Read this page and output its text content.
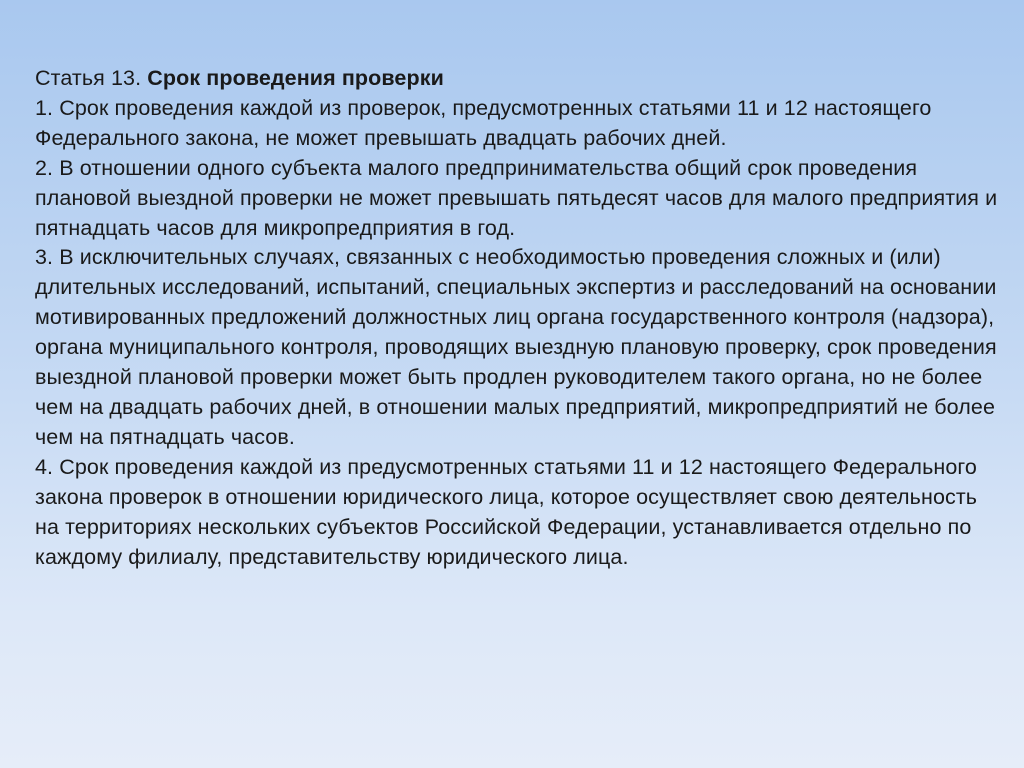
Статья 13. Срок проведения проверки

1. Срок проведения каждой из проверок, предусмотренных статьями 11 и 12 настоящего Федерального закона, не может превышать двадцать рабочих дней.

2. В отношении одного субъекта малого предпринимательства общий срок проведения плановой выездной проверки не может превышать пятьдесят часов для малого предприятия и пятнадцать часов для микропредприятия в год.

3. В исключительных случаях, связанных с необходимостью проведения сложных и (или) длительных исследований, испытаний, специальных экспертиз и расследований на основании мотивированных предложений должностных лиц органа государственного контроля (надзора), органа муниципального контроля, проводящих выездную плановую проверку, срок проведения выездной плановой проверки может быть продлен руководителем такого органа, но не более чем на двадцать рабочих дней, в отношении малых предприятий, микропредприятий не более чем на пятнадцать часов.

4. Срок проведения каждой из предусмотренных статьями 11 и 12 настоящего Федерального закона проверок в отношении юридического лица, которое осуществляет свою деятельность на территориях нескольких субъектов Российской Федерации, устанавливается отдельно по каждому филиалу, представительству юридического лица.
